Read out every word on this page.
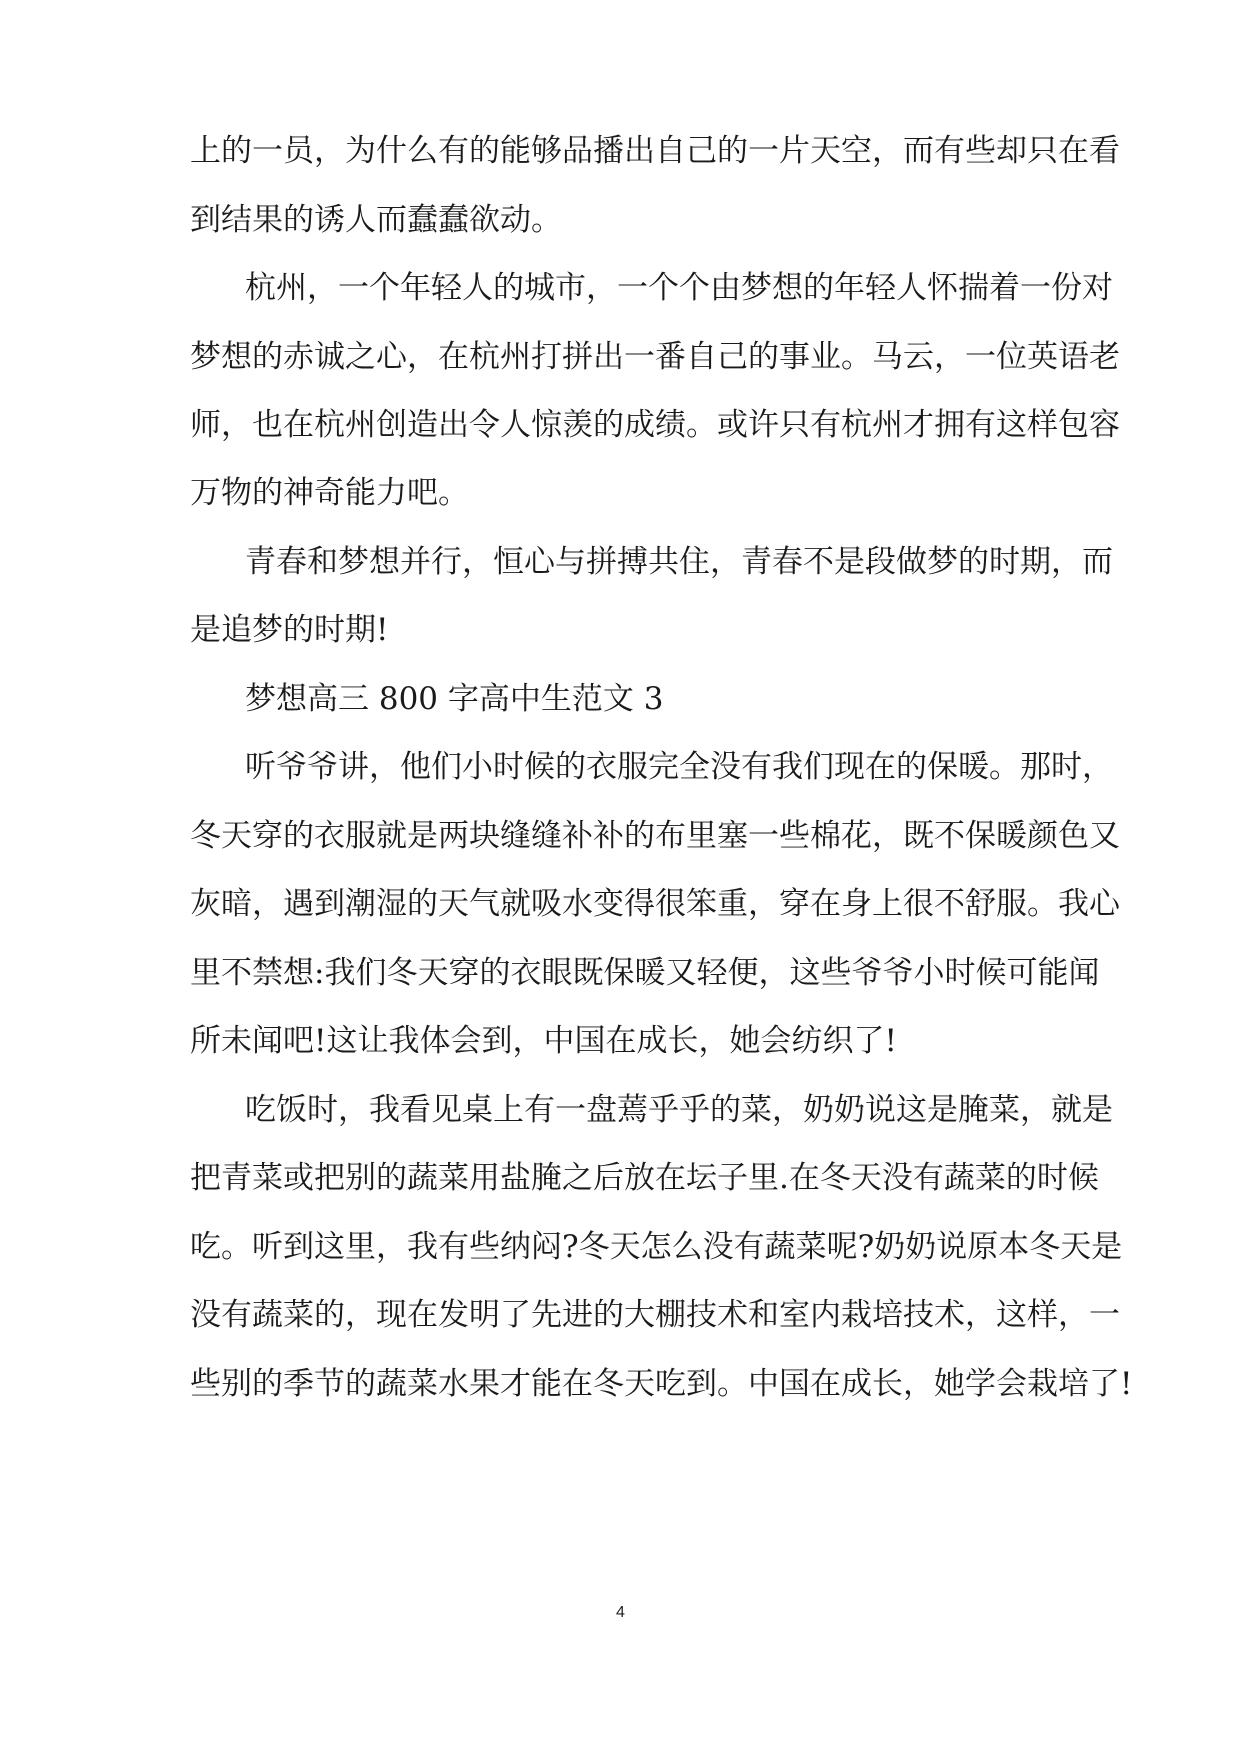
上的一员，为什么有的能够品播出自己的一片天空，而有些却只在看
到结果的诱人而蠢蠢欲动。
杭州，一个年轻人的城市，一个个由梦想的年轻人怀揣着一份对
梦想的赤诚之心，在杭州打拼出一番自己的事业。马云，一位英语老
师，也在杭州创造出令人惊羡的成绩。或许只有杭州才拥有这样包容
万物的神奇能力吧。
青春和梦想并行，恒心与拼搏共住，青春不是段做梦的时期，而
是追梦的时期!
梦想高三 800 字高中生范文 3
听爷爷讲，他们小时候的衣服完全没有我们现在的保暖。那时，
冬天穿的衣服就是两块缝缝补补的布里塞一些棉花，既不保暖颜色又
灰暗，遇到潮湿的天气就吸水变得很笨重，穿在身上很不舒服。我心
里不禁想:我们冬天穿的衣眼既保暖又轻便，这些爷爷小时候可能闻
所未闻吧!这让我体会到，中国在成长，她会纺织了!
吃饭时，我看见桌上有一盘蔫乎乎的菜，奶奶说这是腌菜，就是
把青菜或把别的蔬菜用盐腌之后放在坛子里.在冬天没有蔬菜的时候
吃。听到这里，我有些纳闷?冬天怎么没有蔬菜呢?奶奶说原本冬天是
没有蔬菜的，现在发明了先进的大棚技术和室内栽培技术，这样，一
些别的季节的蔬菜水果才能在冬天吃到。中国在成长，她学会栽培了!
4
